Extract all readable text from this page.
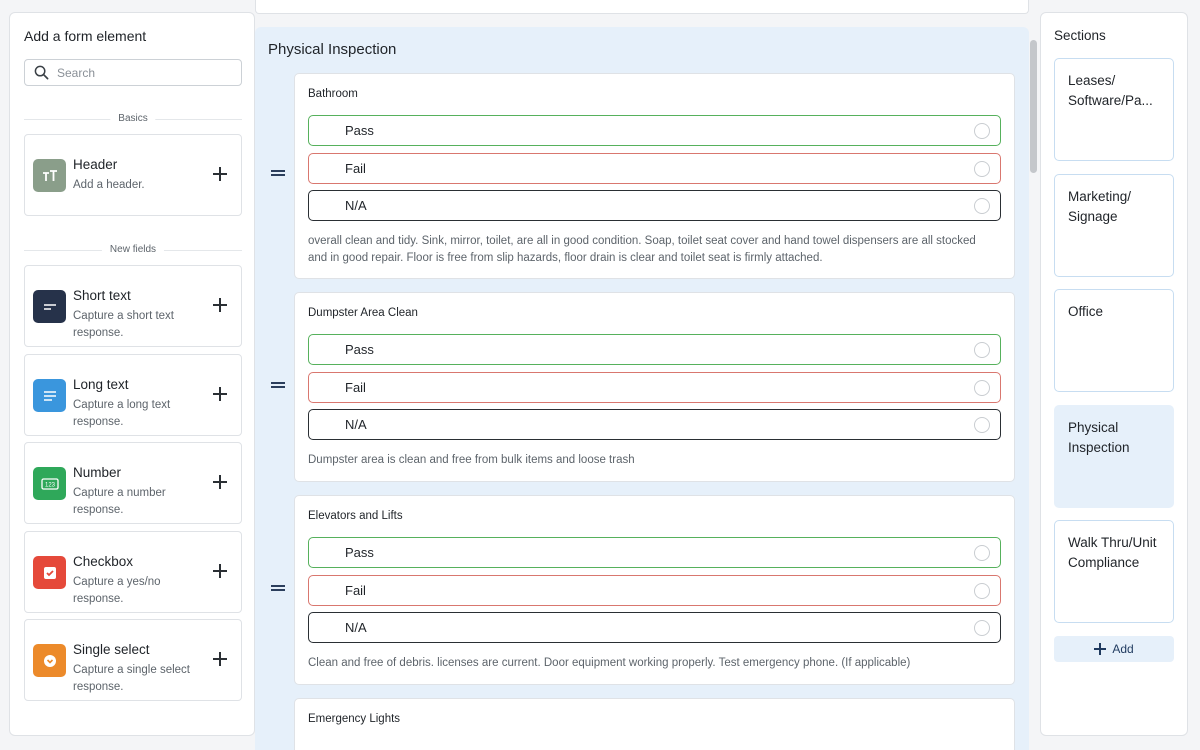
Add a form element
Search
Basics
Header
Add a header.
New fields
Short text
Capture a short text response.
Long text
Capture a long text response.
123
Number
Capture a number response.
Checkbox
Capture a yes/no response.
Single select
Capture a single select response.
Physical Inspection
Bathroom
Pass
Fail
N/A
overall clean and tidy. Sink, mirror, toilet, are all in good condition. Soap, toilet seat cover and hand towel dispensers are all stocked and in good repair. Floor is free from slip hazards, floor drain is clear and toilet seat is firmly attached.
Dumpster Area Clean
Pass
Fail
N/A
Dumpster area is clean and free from bulk items and loose trash
Elevators and Lifts
Pass
Fail
N/A
Clean and free of debris. licenses are current. Door equipment working properly. Test emergency phone. (If applicable)
Emergency Lights
Sections
Leases/ Software/Pa...
Marketing/ Signage
Office
Physical Inspection
Walk Thru/Unit Compliance
Add
